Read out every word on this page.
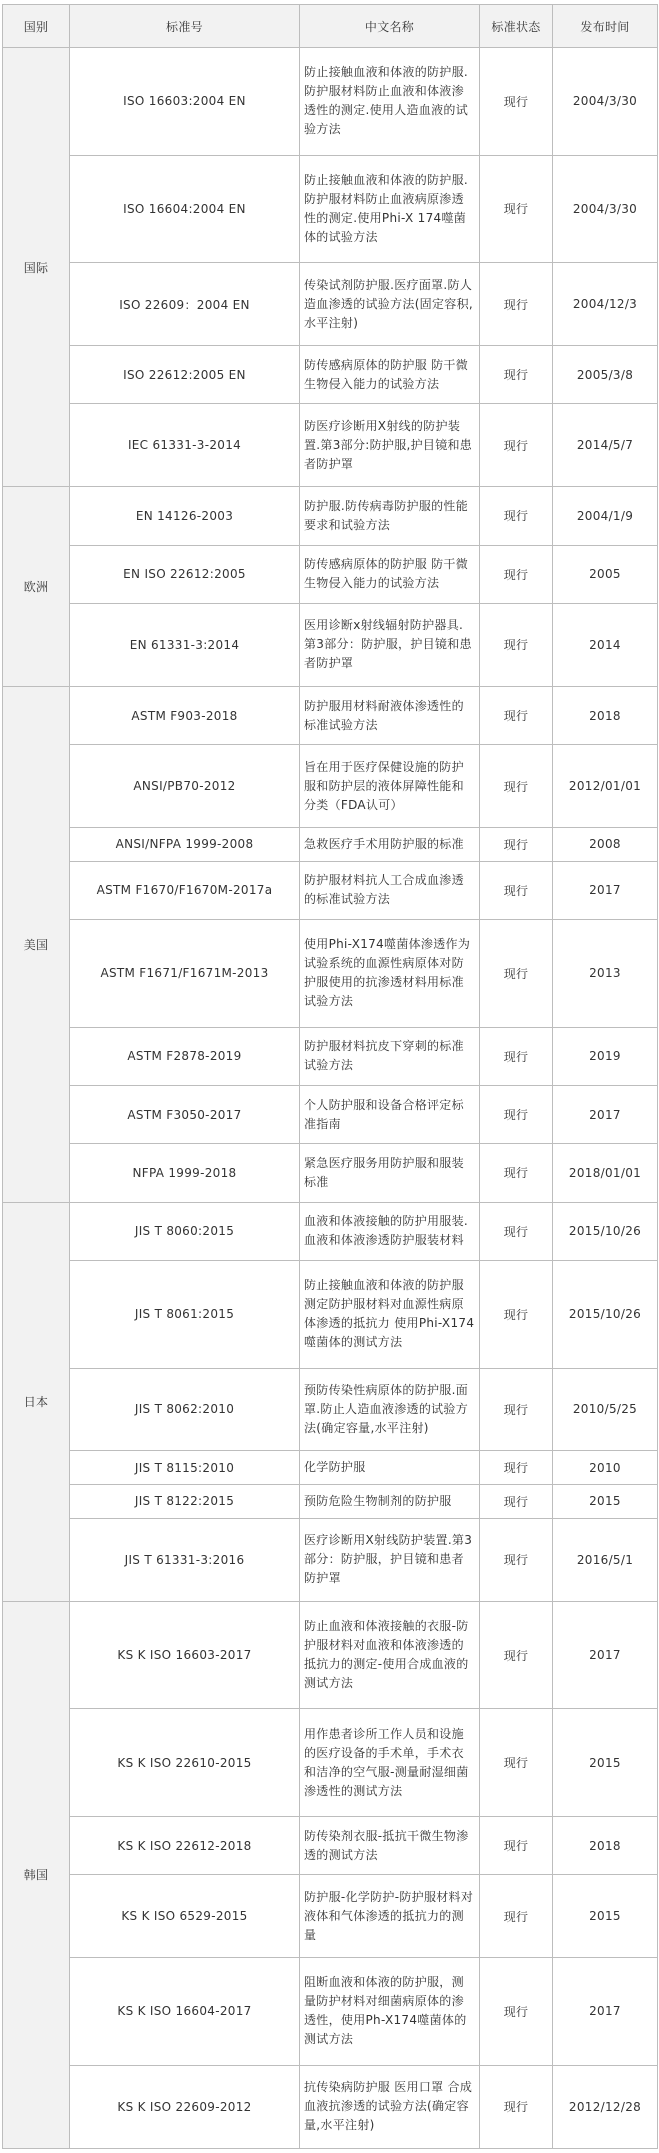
国别	标准号	中文名称	标准状态	发布时间
国际	ISO 16603:2004 EN	防止接触血液和体液的防护服.防护服材料防止血液和体液渗透性的测定.使用人造血液的试验方法	现行	2004/3/30
	ISO 16604:2004 EN	防止接触血液和体液的防护服.防护服材料防止血液病原渗透性的测定.使用Phi-X 174噬菌体的试验方法	现行	2004/3/30
	ISO 22609：2004 EN	传染试剂防护服.医疗面罩.防人造血渗透的试验方法(固定容积,水平注射)	现行	2004/12/3
	ISO 22612:2005 EN	防传感病原体的防护服 防干微生物侵入能力的试验方法	现行	2005/3/8
	IEC 61331-3-2014	防医疗诊断用X射线的防护装置.第3部分:防护服,护目镜和患者防护罩	现行	2014/5/7
欧洲	EN 14126-2003	防护服.防传病毒防护服的性能要求和试验方法	现行	2004/1/9
	EN ISO 22612:2005	防传感病原体的防护服 防干微生物侵入能力的试验方法	现行	2005
	EN 61331-3:2014	医用诊断x射线辐射防护器具.第3部分：防护服，护目镜和患者防护罩	现行	2014
美国	ASTM F903-2018	防护服用材料耐液体渗透性的标准试验方法	现行	2018
	ANSI/PB70-2012	旨在用于医疗保健设施的防护服和防护层的液体屏障性能和分类（FDA认可）	现行	2012/01/01
	ANSI/NFPA 1999-2008	急救医疗手术用防护服的标准	现行	2008
	ASTM F1670/F1670M-2017a	防护服材料抗人工合成血渗透的标准试验方法	现行	2017
	ASTM F1671/F1671M-2013	使用Phi-X174噬菌体渗透作为试验系统的血源性病原体对防护服使用的抗渗透材料用标准试验方法	现行	2013
	ASTM F2878-2019	防护服材料抗皮下穿刺的标准试验方法	现行	2019
	ASTM F3050-2017	个人防护服和设备合格评定标准指南	现行	2017
	NFPA 1999-2018	紧急医疗服务用防护服和服装标准	现行	2018/01/01
日本	JIS T 8060:2015	血液和体液接触的防护用服装.血液和体液渗透防护服装材料	现行	2015/10/26
	JIS T 8061:2015	防止接触血液和体液的防护服 测定防护服材料对血源性病原体渗透的抵抗力 使用Phi-X174噬菌体的测试方法	现行	2015/10/26
	JIS T 8062:2010	预防传染性病原体的防护服.面罩.防止人造血液渗透的试验方法(确定容量,水平注射)	现行	2010/5/25
	JIS T 8115:2010	化学防护服	现行	2010
	JIS T 8122:2015	预防危险生物制剂的防护服	现行	2015
	JIS T 61331-3:2016	医疗诊断用X射线防护装置.第3部分：防护服，护目镜和患者防护罩	现行	2016/5/1
韩国	KS K ISO 16603-2017	防止血液和体液接触的衣服-防护服材料对血液和体液渗透的抵抗力的测定-使用合成血液的测试方法	现行	2017
	KS K ISO 22610-2015	用作患者诊所工作人员和设施的医疗设备的手术单，手术衣和洁净的空气服-测量耐湿细菌渗透性的测试方法	现行	2015
	KS K ISO 22612-2018	防传染剂衣服-抵抗干微生物渗透的测试方法	现行	2018
	KS K ISO 6529-2015	防护服-化学防护-防护服材料对液体和气体渗透的抵抗力的测量	现行	2015
	KS K ISO 16604-2017	阻断血液和体液的防护服，测量防护材料对细菌病原体的渗透性，使用Ph-X174噬菌体的测试方法	现行	2017
	KS K ISO 22609-2012	抗传染病防护服 医用口罩 合成血液抗渗透的试验方法(确定容量,水平注射)	现行	2012/12/28
